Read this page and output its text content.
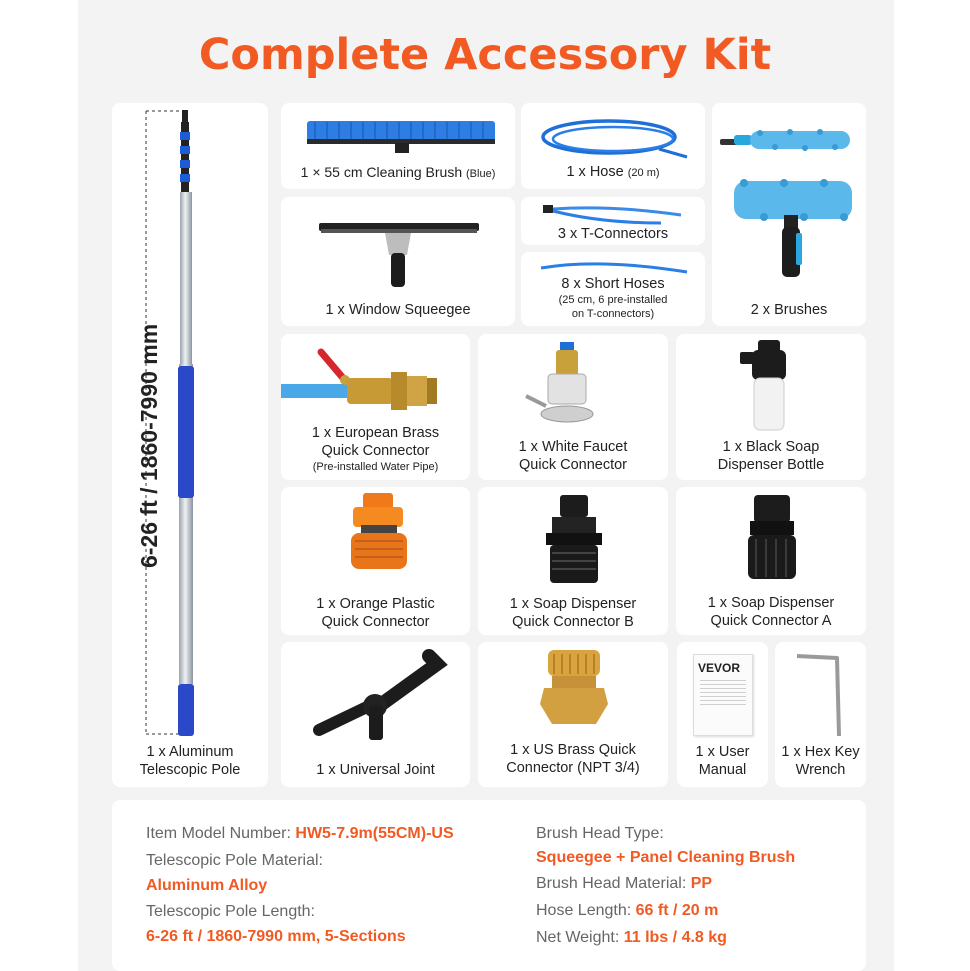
Complete Accessory Kit
6-26 ft / 1860-7990 mm
1 x Aluminum
Telescopic Pole
1 × 55 cm Cleaning Brush (Blue)	1 x Hose (20 m)
2 x Brushes
1 x Window Squeegee
3 x T-Connectors
8 x Short Hoses
(25 cm, 6 pre-installed
on T-connectors)
1 x European Brass
Quick Connector
(Pre-installed Water Pipe)
1 x White Faucet
Quick Connector
1 x Black Soap
Dispenser Bottle
1 x Orange Plastic
Quick Connector
1 x Soap Dispenser
Quick Connector B
1 x Soap Dispenser
Quick Connector A
1 x Universal Joint
1 x US Brass Quick
Connector (NPT 3/4)
VEVOR
1 x User
Manual
1 x Hex Key
Wrench
Item Model Number: HW5-7.9m(55CM)-US
Telescopic Pole Material:
Aluminum Alloy
Telescopic Pole Length:
6-26 ft / 1860-7990 mm, 5-Sections
Brush Head Type:
Squeegee + Panel Cleaning Brush
Brush Head Material: PP
Hose Length: 66 ft / 20 m
Net Weight: 11 lbs / 4.8 kg
